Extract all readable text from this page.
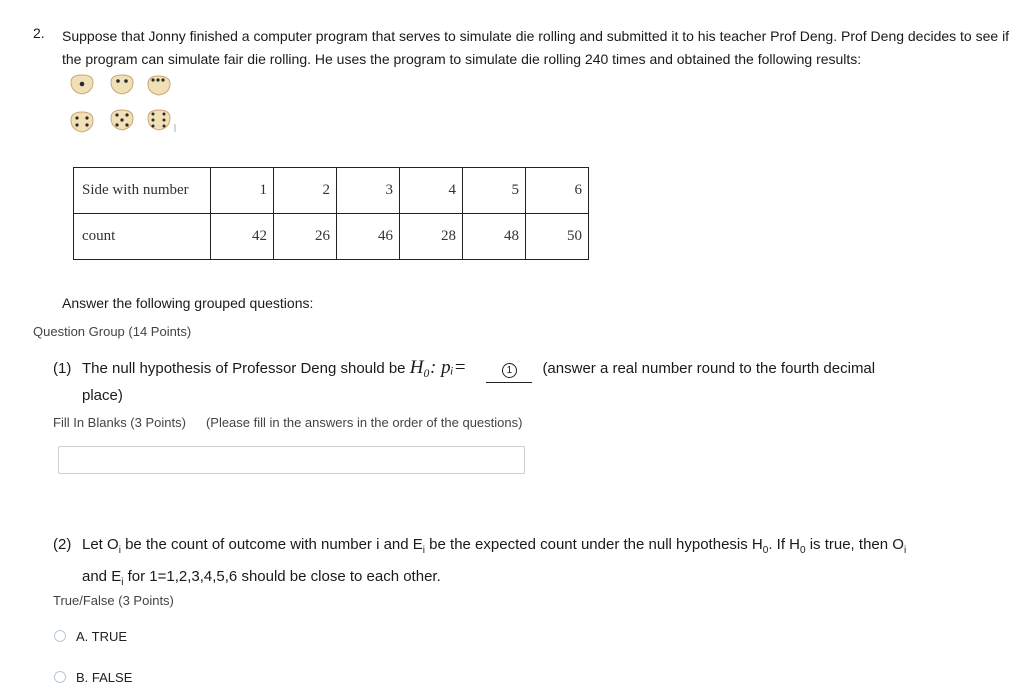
2. Suppose that Jonny finished a computer program that serves to simulate die rolling and submitted it to his teacher Prof Deng. Prof Deng decides to see if the program can simulate fair die rolling. He uses the program to simulate die rolling 240 times and obtained the following results:
Side with number	1	2	3	4	5	6
count	42	26	46	28	48	50
Answer the following grouped questions:
Question Group (14 Points)
(1) The null hypothesis of Professor Deng should be H₀: pᵢ=	1 (answer a real number round to the fourth decimal
place)
Fill In Blanks (3 Points) (Please fill in the answers in the order of the questions)
(2) Let $O_i$ be the count of outcome with number i and $E_i$ be the expected count under the null hypothesis $H_0$. If $H_0$ is true, then $O_i$
and $E_i$ for 1=1,2,3,4,5,6 should be close to each other.
True/False (3 Points)
A. TRUE
B. FALSE
